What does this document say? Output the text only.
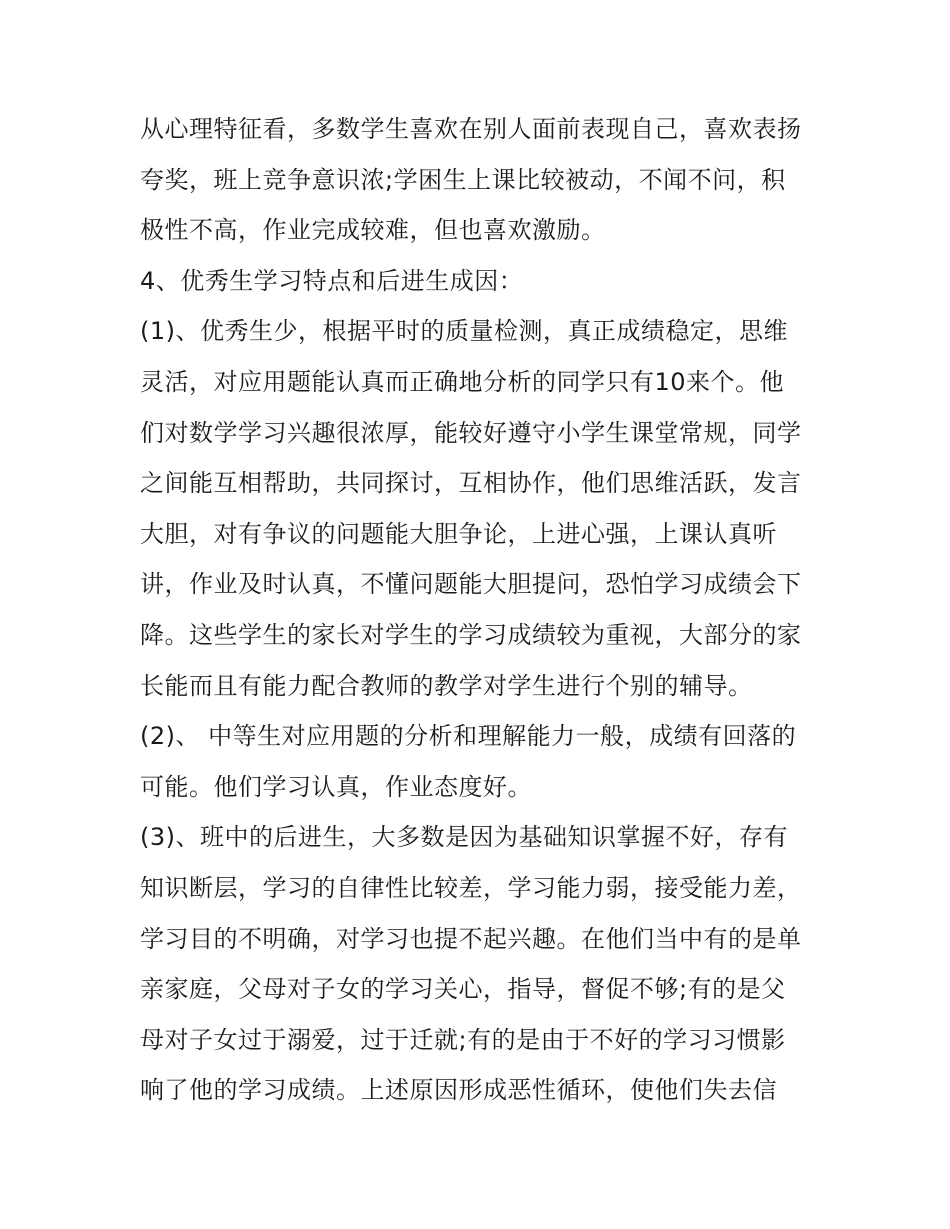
从心理特征看，多数学生喜欢在别人面前表现自己，喜欢表扬
夸奖，班上竞争意识浓;学困生上课比较被动，不闻不问，积
极性不高，作业完成较难，但也喜欢激励。
4、优秀生学习特点和后进生成因：
(1)、优秀生少，根据平时的质量检测，真正成绩稳定，思维
灵活，对应用题能认真而正确地分析的同学只有10来个。他
们对数学学习兴趣很浓厚，能较好遵守小学生课堂常规，同学
之间能互相帮助，共同探讨，互相协作，他们思维活跃，发言
大胆，对有争议的问题能大胆争论，上进心强，上课认真听
讲，作业及时认真，不懂问题能大胆提问，恐怕学习成绩会下
降。这些学生的家长对学生的学习成绩较为重视，大部分的家
长能而且有能力配合教师的教学对学生进行个别的辅导。
(2)、 中等生对应用题的分析和理解能力一般，成绩有回落的
可能。他们学习认真，作业态度好。
(3)、班中的后进生，大多数是因为基础知识掌握不好，存有
知识断层，学习的自律性比较差，学习能力弱，接受能力差，
学习目的不明确，对学习也提不起兴趣。在他们当中有的是单
亲家庭，父母对子女的学习关心，指导，督促不够;有的是父
母对子女过于溺爱，过于迁就;有的是由于不好的学习习惯影
响了他的学习成绩。上述原因形成恶性循环，使他们失去信
